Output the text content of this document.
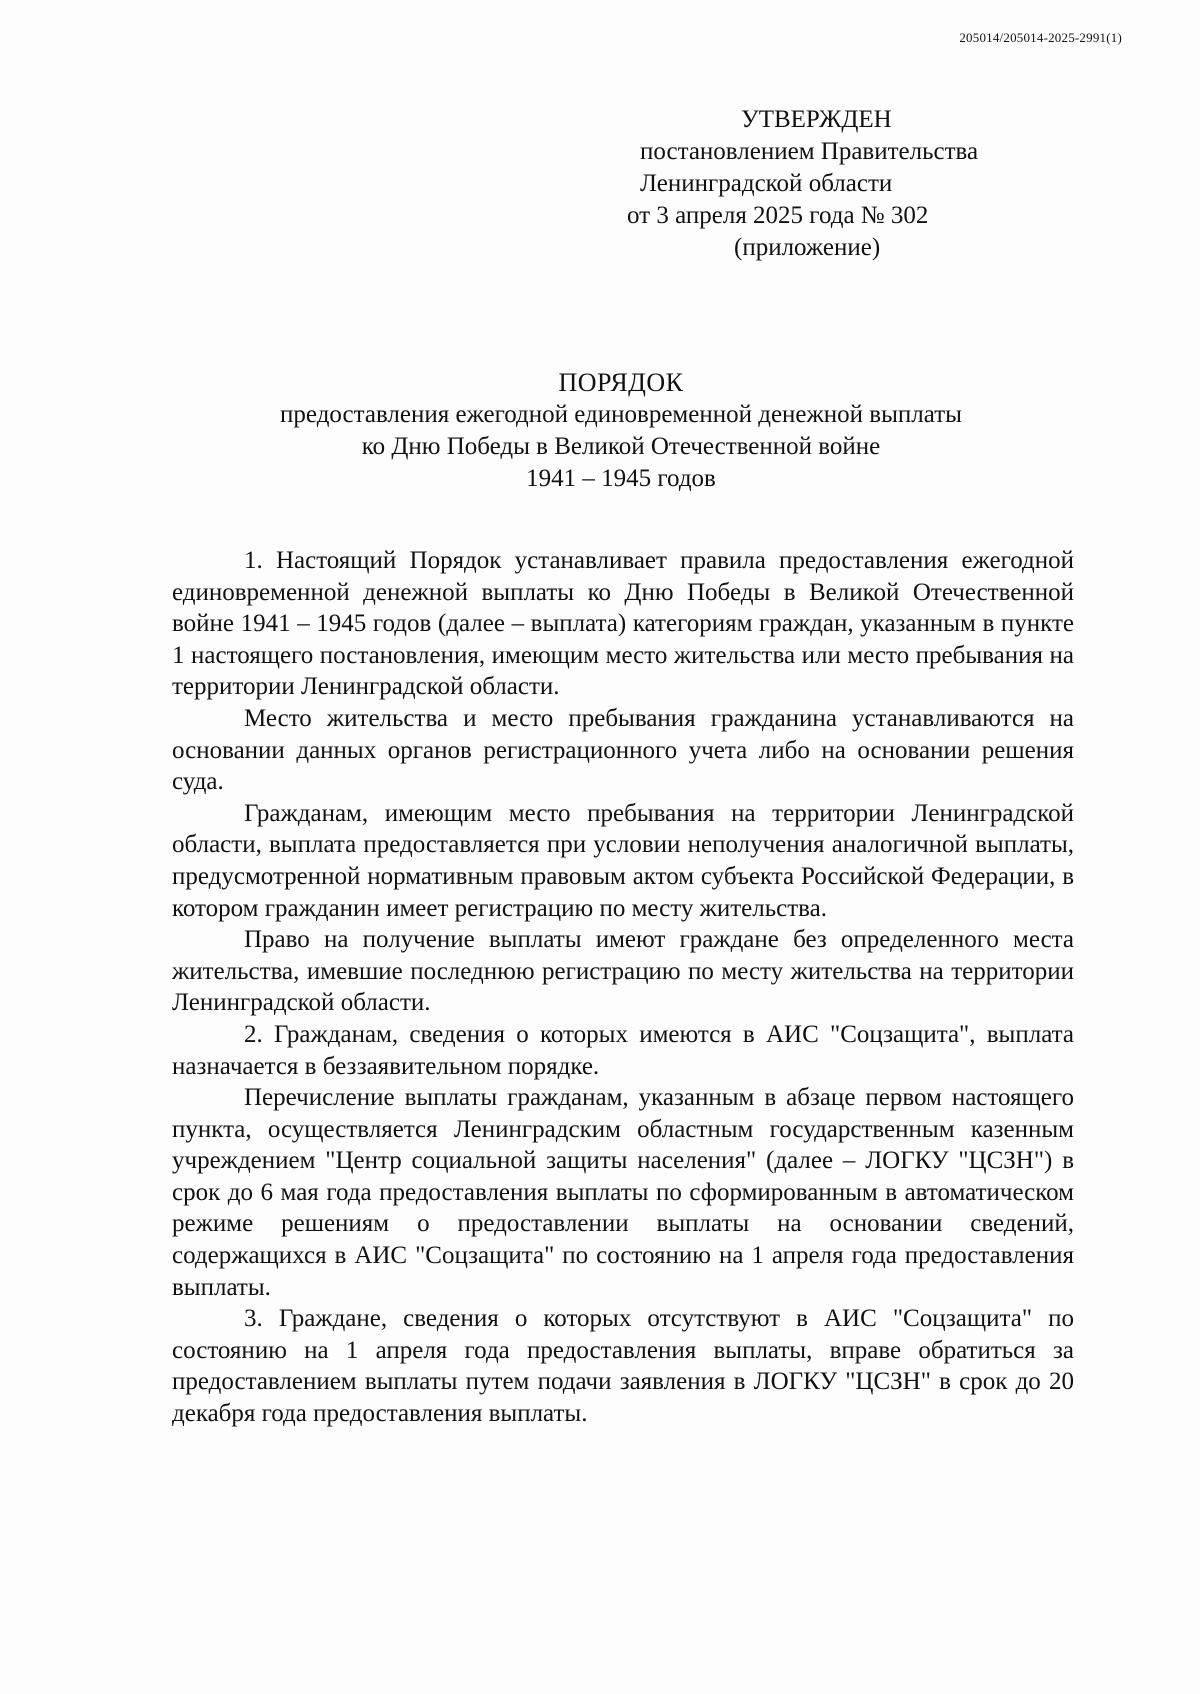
205014/205014-2025-2991(1)
УТВЕРЖДЕН
постановлением Правительства
Ленинградской области
от 3 апреля 2025 года № 302
(приложение)
ПОРЯДОК
предоставления ежегодной единовременной денежной выплаты
ко Дню Победы в Великой Отечественной войне
1941 – 1945 годов

1. Настоящий Порядок устанавливает правила предоставления ежегодной единовременной денежной выплаты ко Дню Победы в Великой Отечественной войне 1941 – 1945 годов (далее – выплата) категориям граждан, указанным в пункте 1 настоящего постановления, имеющим место жительства или место пребывания на территории Ленинградской области.

Место жительства и место пребывания гражданина устанавливаются на основании данных органов регистрационного учета либо на основании решения суда.

Гражданам, имеющим место пребывания на территории Ленинградской области, выплата предоставляется при условии неполучения аналогичной выплаты, предусмотренной нормативным правовым актом субъекта Российской Федерации, в котором гражданин имеет регистрацию по месту жительства.

Право на получение выплаты имеют граждане без определенного места жительства, имевшие последнюю регистрацию по месту жительства на территории Ленинградской области.

2. Гражданам, сведения о которых имеются в АИС "Соцзащита", выплата назначается в беззаявительном порядке.

Перечисление выплаты гражданам, указанным в абзаце первом настоящего пункта, осуществляется Ленинградским областным государственным казенным учреждением "Центр социальной защиты населения" (далее – ЛОГКУ "ЦСЗН") в срок до 6 мая года предоставления выплаты по сформированным в автоматическом режиме решениям о предоставлении выплаты на основании сведений, содержащихся в АИС "Соцзащита" по состоянию на 1 апреля года предоставления выплаты.

3. Граждане, сведения о которых отсутствуют в АИС "Соцзащита" по состоянию на 1 апреля года предоставления выплаты, вправе обратиться за предоставлением выплаты путем подачи заявления в ЛОГКУ "ЦСЗН" в срок до 20 декабря года предоставления выплаты.
